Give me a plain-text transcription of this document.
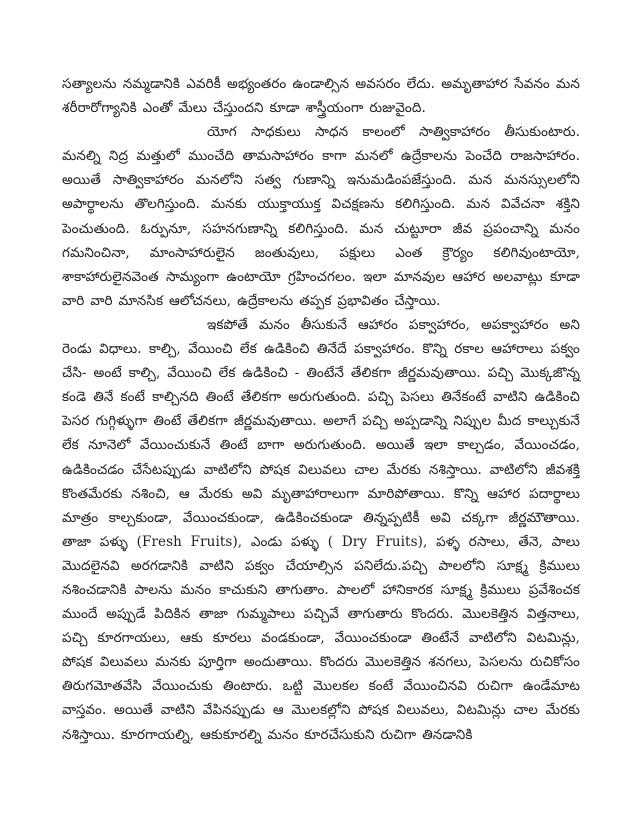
సత్యాలను నమ్మడానికి ఎవరికీ అభ్యంతరం ఉండాల్సిన అవసరం లేదు. అమృతాహార సేవనం మన శరీరారోగ్యానికి ఎంతో మేలు చేస్తుందని కూడా శాస్త్రీయంగా రుజువైంది.

యోగ సాధకులు సాధన కాలంలో సాత్వికాహారం తీసుకుంటారు. మనల్ని నిద్ర మత్తులో ముంచేది తామసాహారం కాగా మనలో ఉద్రేకాలను పెంచేది రాజసాహారం. అయితే సాత్వికాహారం మనలోని సత్వ గుణాన్ని ఇనుమడింపజేస్తుంది. మన మనస్సులలోని అపార్థాలను తొలగిస్తుంది. మనకు యుక్తాయుక్త విచక్షణను కలిగిస్తుంది. మన వివేచనా శక్తిని పెంచుతుంది. ఓర్పునూ, సహనగుణాన్ని కలిగిస్తుంది. మన చుట్టూరా జీవ ప్రపంచాన్ని మనం గమనించినా, మాంసాహారులైన జంతువులు, పక్షులు ఎంత క్రౌర్యం కలిగివుంటాయో, శాకాహారులైనవెంత సామ్యంగా ఉంటాయో గ్రహించగలం. ఇలా మానవుల ఆహార అలవాట్లు కూడా వారి వారి మానసిక ఆలోచనలు, ఉద్రేకాలను తప్పక ప్రభావితం చేస్తాయి.

ఇకపోతే మనం తీసుకునే ఆహారం పక్వాహారం, అపక్వాహారం అని రెండు విధాలు. కాల్చి, వేయించి లేక ఉడికించి తినేదే పక్వాహారం. కొన్ని రకాల ఆహారాలు పక్వం చేసి- అంటే కాల్చి, వేయించి లేక ఉడికించి - తింటేనే తేలికగా జీర్ణమవుతాయి. పచ్చి మొక్కజొన్న కండె తినే కంటే కాల్చినది తింటే తేలికగా అరుగుతుంది. పచ్చి పెసలు తినేకంటే వాటిని ఉడికించి పెసర గుగ్గిళ్ళుగా తింటే తేలికగా జీర్ణమవుతాయి. అలాగే పచ్చి అప్పడాన్ని నిప్పుల మీద కాల్చుకునే లేక నూనెలో వేయించుకునే తింటే బాగా అరుగుతుంది. అయితే ఇలా కాల్చడం, వేయించడం, ఉడికించడం చేసేటప్పుడు వాటిలోని పోషక విలువలు చాల మేరకు నశిస్తాయి. వాటిలోని జీవశక్తి కొంతమేరకు నశించి, ఆ మేరకు అవి మృతాహారాలుగా మారిపోతాయి. కొన్ని ఆహార పదార్థాలు మాత్రం కాల్చకుండా, వేయించకుండా, ఉడికించకుండా తిన్నప్పటికీ అవి చక్కగా జీర్ణమౌతాయి. తాజా పళ్ళు (Fresh Fruits), ఎండు పళ్ళు ( Dry Fruits), పళ్ళ రసాలు, తేనె, పాలు మొదలైనవి అరగడానికి వాటిని పక్వం చేయాల్సిన పనిలేదు.పచ్చి పాలలోని సూక్ష్మ క్రిములు నశించడానికి పాలను మనం కాచుకుని తాగుతాం. పాలలో హానికారక సూక్ష్మ క్రిములు ప్రవేశించక ముందే అప్పుడే పిదికిన తాజా గుమ్మపాలు పచ్చివే తాగుతారు కొందరు. మొలకెత్తిన విత్తనాలు, పచ్చి కూరగాయలు, ఆకు కూరలు వండకుండా, వేయించకుండా తింటేనే వాటిలోని విటమిన్లు, పోషక విలువలు మనకు పూర్తిగా అందుతాయి. కొందరు మొలకెత్తిన శనగలు, పెసలను రుచికోసం తిరుగమోతవేసి వేయించుకు తింటారు. ఒట్టి మొలకల కంటే వేయించినవి రుచిగా ఉండేమాట వాస్తవం. అయితే వాటిని వేపినప్పుడు ఆ మొలకల్లోని పోషక విలువలు, విటమిన్లు చాల మేరకు నశిస్తాయి. కూరగాయల్ని, ఆకుకూరల్ని మనం కూరచేసుకుని రుచిగా తినడానికి
